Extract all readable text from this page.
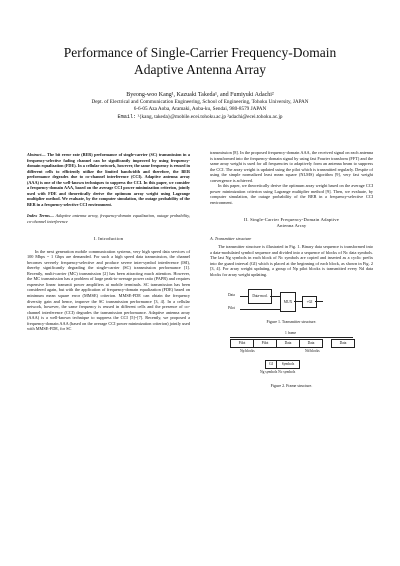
Performance of Single-Carrier Frequency-Domain
Adaptive Antenna Array
Byeong-woo Kang¹, Kazuaki Takeda¹, and Fumiyuki Adachi²
Dept. of Electrical and Communication Engineering, School of Engineering, Tohoku University, JAPAN
6-6-05 Aza Aoba, Aramaki, Aoba-ku, Sendai, 980-8579 JAPAN
Email: ¹{kang, takeda}@mobile.ecei.tohoku.ac.jp ²adachi@ecei.tohoku.ac.jp

Abstract— The bit error rate (BER) performance of single-carrier (SC) transmission in a frequency-selective fading channel can be significantly improved by using frequency-domain equalization (FDE). In a cellular network, however, the same frequency is reused in different cells to efficiently utilize the limited bandwidth and therefore, the BER performance degrades due to co-channel interference (CCI). Adaptive antenna array (AAA) is one of the well-known techniques to suppress the CCI. In this paper, we consider a frequency-domain AAA, based on the average CCI power minimization criterion, jointly used with FDE and theoretically derive the optimum array weight using Lagrange multiplier method. We evaluate, by the computer simulation, the outage probability of the BER in a frequency-selective CCI environment.

Index Terms— Adaptive antenna array, frequency-domain equalization, outage probability, co-channel interference

I. Introduction

In the next generation mobile communication systems, very high speed data services of 100 Mbps ~ 1 Gbps are demanded. For such a high speed data transmission, the channel becomes severely frequency-selective and produce severe inter-symbol interference (ISI), thereby significantly degrading the single-carrier (SC) transmission performance [1]. Recently, multi-carrier (MC) transmission [2] has been attracting much attention. However, the MC transmission has a problem of large peak-to-average power ratio (PAPR) and requires expensive linear transmit power amplifiers at mobile terminals. SC transmission has been considered again, but with the application of frequency-domain equalization (FDE) based on minimum mean square error (MMSE) criterion. MMSE-FDE can obtain the frequency diversity gain and hence, improve the SC transmission performance [3, 4]. In a cellular network, however, the same frequency is reused in different cells and the presence of co-channel interference (CCI) degrades the transmission performance. Adaptive antenna array (AAA) is a well-known technique to suppress the CCI [5]~[7]. Recently, we proposed a frequency-domain AAA (based on the average CCI power minimization criterion) jointly used with MMSE-FDE, for SC

transmission [8]. In the proposed frequency-domain AAA, the received signal on each antenna is transformed into the frequency-domain signal by using fast Fourier transform (FFT) and the same array weight is used for all frequencies to adaptively form an antenna beam to suppress the CCI. The array weight is updated using the pilot which is transmitted regularly. Despite of using the simple normalized least mean square (NLMS) algorithm [9], very fast weight convergence is achieved.

In this paper, we theoretically derive the optimum array weight based on the average CCI power minimization criterion using Lagrange multiplier method [9]. Then, we evaluate, by computer simulation, the outage probability of the BER in a frequency-selective CCI environment.

II. Single-Carrier Frequency-Domain Adaptive
Antenna Array
A. Transmitter structure

The transmitter structure is illustrated in Fig. 1. Binary data sequence is transformed into a data-modulated symbol sequence and divided into a sequence of blocks of Nc data symbols. The last Ng symbols in each block of Nc symbols are copied and inserted as a cyclic prefix into the guard interval (GI) which is placed at the beginning of each block, as shown in Fig. 2 [3, 4]. For array weight updating, a group of Np pilot blocks is transmitted every Nd data blocks for array weight updating.

Data
Pilot
Data-mod.
MUX	+GI
Figure 1. Transmitter structure.
1 frame
Pilot	Pilot	Data	Data	Data
Np blocks	Nd blocks
GI	Symbols
Ng symbols Nc symbols
Figure 2. Frame structure.
